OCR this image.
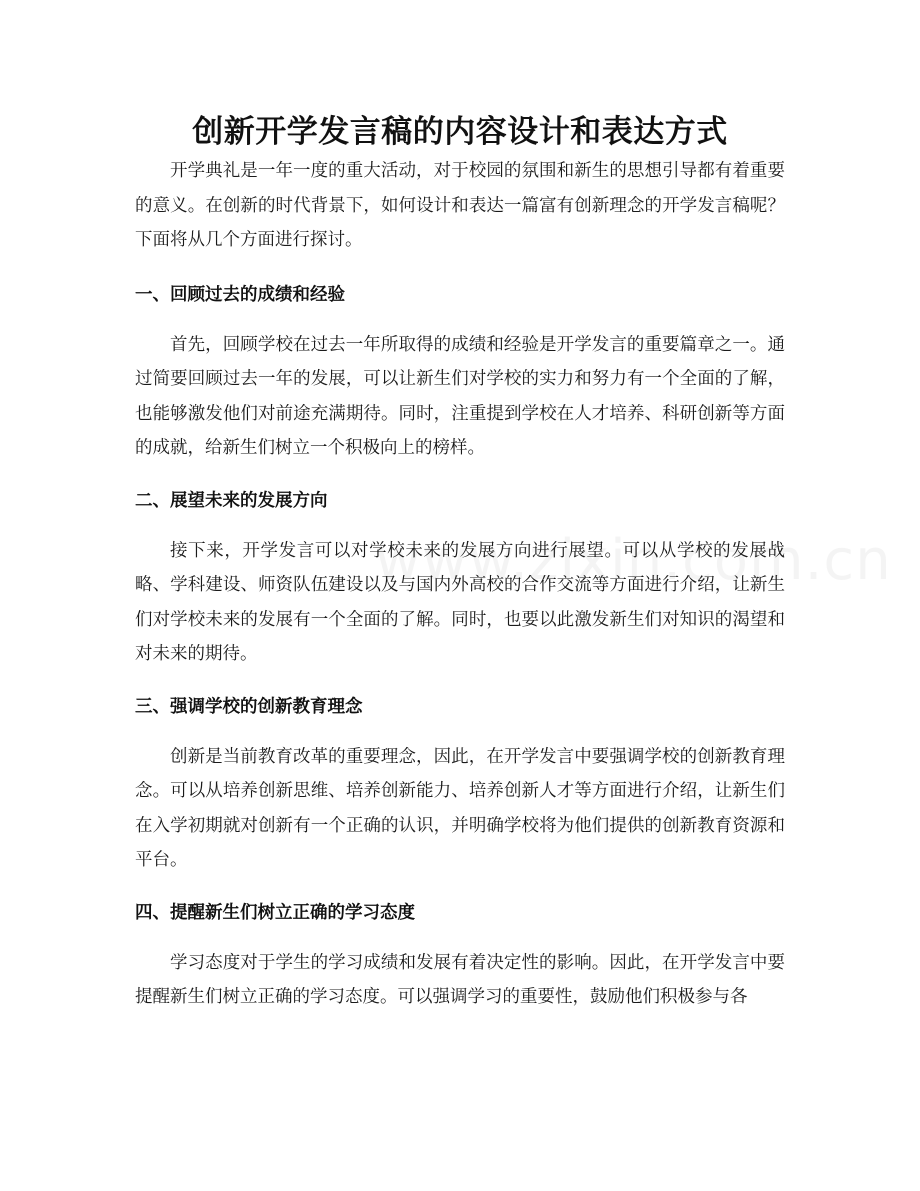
创新开学发言稿的内容设计和表达方式

开学典礼是一年一度的重大活动，对于校园的氛围和新生的思想引导都有着重要的意义。在创新的时代背景下，如何设计和表达一篇富有创新理念的开学发言稿呢？下面将从几个方面进行探讨。

一、回顾过去的成绩和经验

首先，回顾学校在过去一年所取得的成绩和经验是开学发言的重要篇章之一。通过简要回顾过去一年的发展，可以让新生们对学校的实力和努力有一个全面的了解，也能够激发他们对前途充满期待。同时，注重提到学校在人才培养、科研创新等方面的成就，给新生们树立一个积极向上的榜样。

二、展望未来的发展方向

接下来，开学发言可以对学校未来的发展方向进行展望。可以从学校的发展战略、学科建设、师资队伍建设以及与国内外高校的合作交流等方面进行介绍，让新生们对学校未来的发展有一个全面的了解。同时，也要以此激发新生们对知识的渴望和对未来的期待。

三、强调学校的创新教育理念

创新是当前教育改革的重要理念，因此，在开学发言中要强调学校的创新教育理念。可以从培养创新思维、培养创新能力、培养创新人才等方面进行介绍，让新生们在入学初期就对创新有一个正确的认识，并明确学校将为他们提供的创新教育资源和平台。

四、提醒新生们树立正确的学习态度

学习态度对于学生的学习成绩和发展有着决定性的影响。因此，在开学发言中要提醒新生们树立正确的学习态度。可以强调学习的重要性，鼓励他们积极参与各
